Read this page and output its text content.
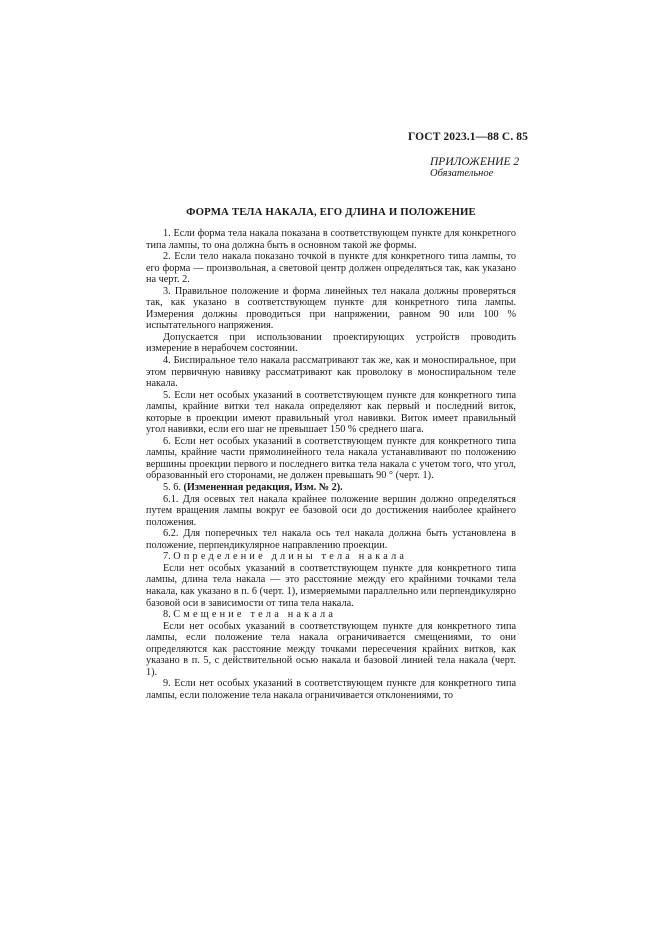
ГОСТ 2023.1—88 С. 85
ПРИЛОЖЕНИЕ 2
Обязательное
ФОРМА ТЕЛА НАКАЛА, ЕГО ДЛИНА И ПОЛОЖЕНИЕ

1. Если форма тела накала показана в соответствующем пункте для конкретного типа лампы, то она должна быть в основном такой же формы.

2. Если тело накала показано точкой в пункте для конкретного типа лампы, то его форма — произвольная, а световой центр должен определяться так, как указано на черт. 2.

3. Правильное положение и форма линейных тел накала должны проверяться так, как указано в соответствующем пункте для конкретного типа лампы. Измерения должны проводиться при напряжении, равном 90 или 100 % испытательного напряжения.

Допускается при использовании проектирующих устройств проводить измерение в нерабочем состоянии.

4. Биспиральное тело накала рассматривают так же, как и моноспиральное, при этом первичную навивку рассматривают как проволоку в моноспиральном теле накала.

5. Если нет особых указаний в соответствующем пункте для конкретного типа лампы, крайние витки тел накала определяют как первый и последний виток, которые в проекции имеют правильный угол навивки. Виток имеет правильный угол навивки, если его шаг не превышает 150 % среднего шага.

6. Если нет особых указаний в соответствующем пункте для конкретного типа лампы, крайние части прямолинейного тела накала устанавливают по положению вершины проекции первого и последнего витка тела накала с учетом того, что угол, образованный его сторонами, не должен превышать 90 ° (черт. 1).

5. 6. (Измененная редакция, Изм. № 2).

6.1. Для осевых тел накала крайнее положение вершин должно определяться путем вращения лампы вокруг ее базовой оси до достижения наиболее крайнего положения.

6.2. Для поперечных тел накала ось тел накала должна быть установлена в положение, перпендикулярное направлению проекции.

7. Определение длины тела накала

Если нет особых указаний в соответствующем пункте для конкретного типа лампы, длина тела накала — это расстояние между его крайними точками тела накала, как указано в п. 6 (черт. 1), измеряемыми параллельно или перпендикулярно базовой оси в зависимости от типа тела накала.

8. Смещение тела накала

Если нет особых указаний в соответствующем пункте для конкретного типа лампы, если положение тела накала ограничивается смещениями, то они определяются как расстояние между точками пересечения крайних витков, как указано в п. 5, с действительной осью накала и базовой линией тела накала (черт. 1).

9. Если нет особых указаний в соответствующем пункте для конкретного типа лампы, если положение тела накала ограничивается отклонениями, то
